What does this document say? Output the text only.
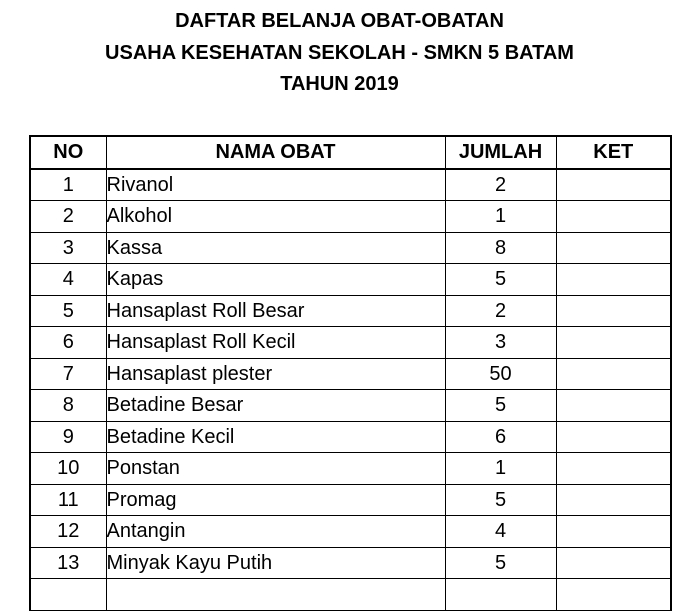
DAFTAR BELANJA OBAT-OBATAN
USAHA KESEHATAN SEKOLAH - SMKN 5 BATAM
TAHUN 2019
NO	NAMA OBAT	JUMLAH	KET
1	Rivanol	2	
2	Alkohol	1	
3	Kassa	8	
4	Kapas	5	
5	Hansaplast Roll Besar	2	
6	Hansaplast Roll Kecil	3	
7	Hansaplast plester	50	
8	Betadine Besar	5	
9	Betadine Kecil	6	
10	Ponstan	1	
11	Promag	5	
12	Antangin	4	
13	Minyak Kayu Putih	5	
